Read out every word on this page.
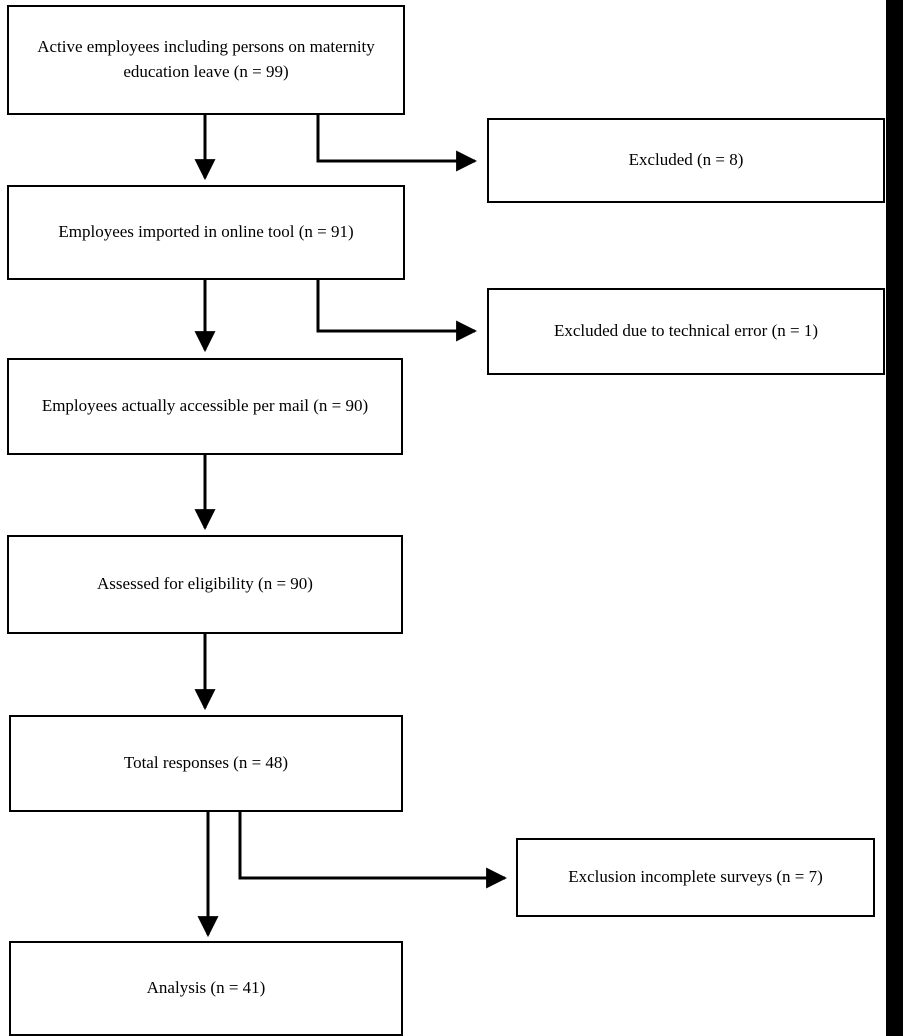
Active employees including persons on maternity education leave (n = 99)
Excluded (n = 8)
Employees imported in online tool (n = 91)
Excluded due to technical error (n = 1)
Employees actually accessible per mail (n = 90)
Assessed for eligibility (n = 90)
Total responses (n = 48)
Exclusion incomplete surveys (n = 7)
Analysis (n = 41)
